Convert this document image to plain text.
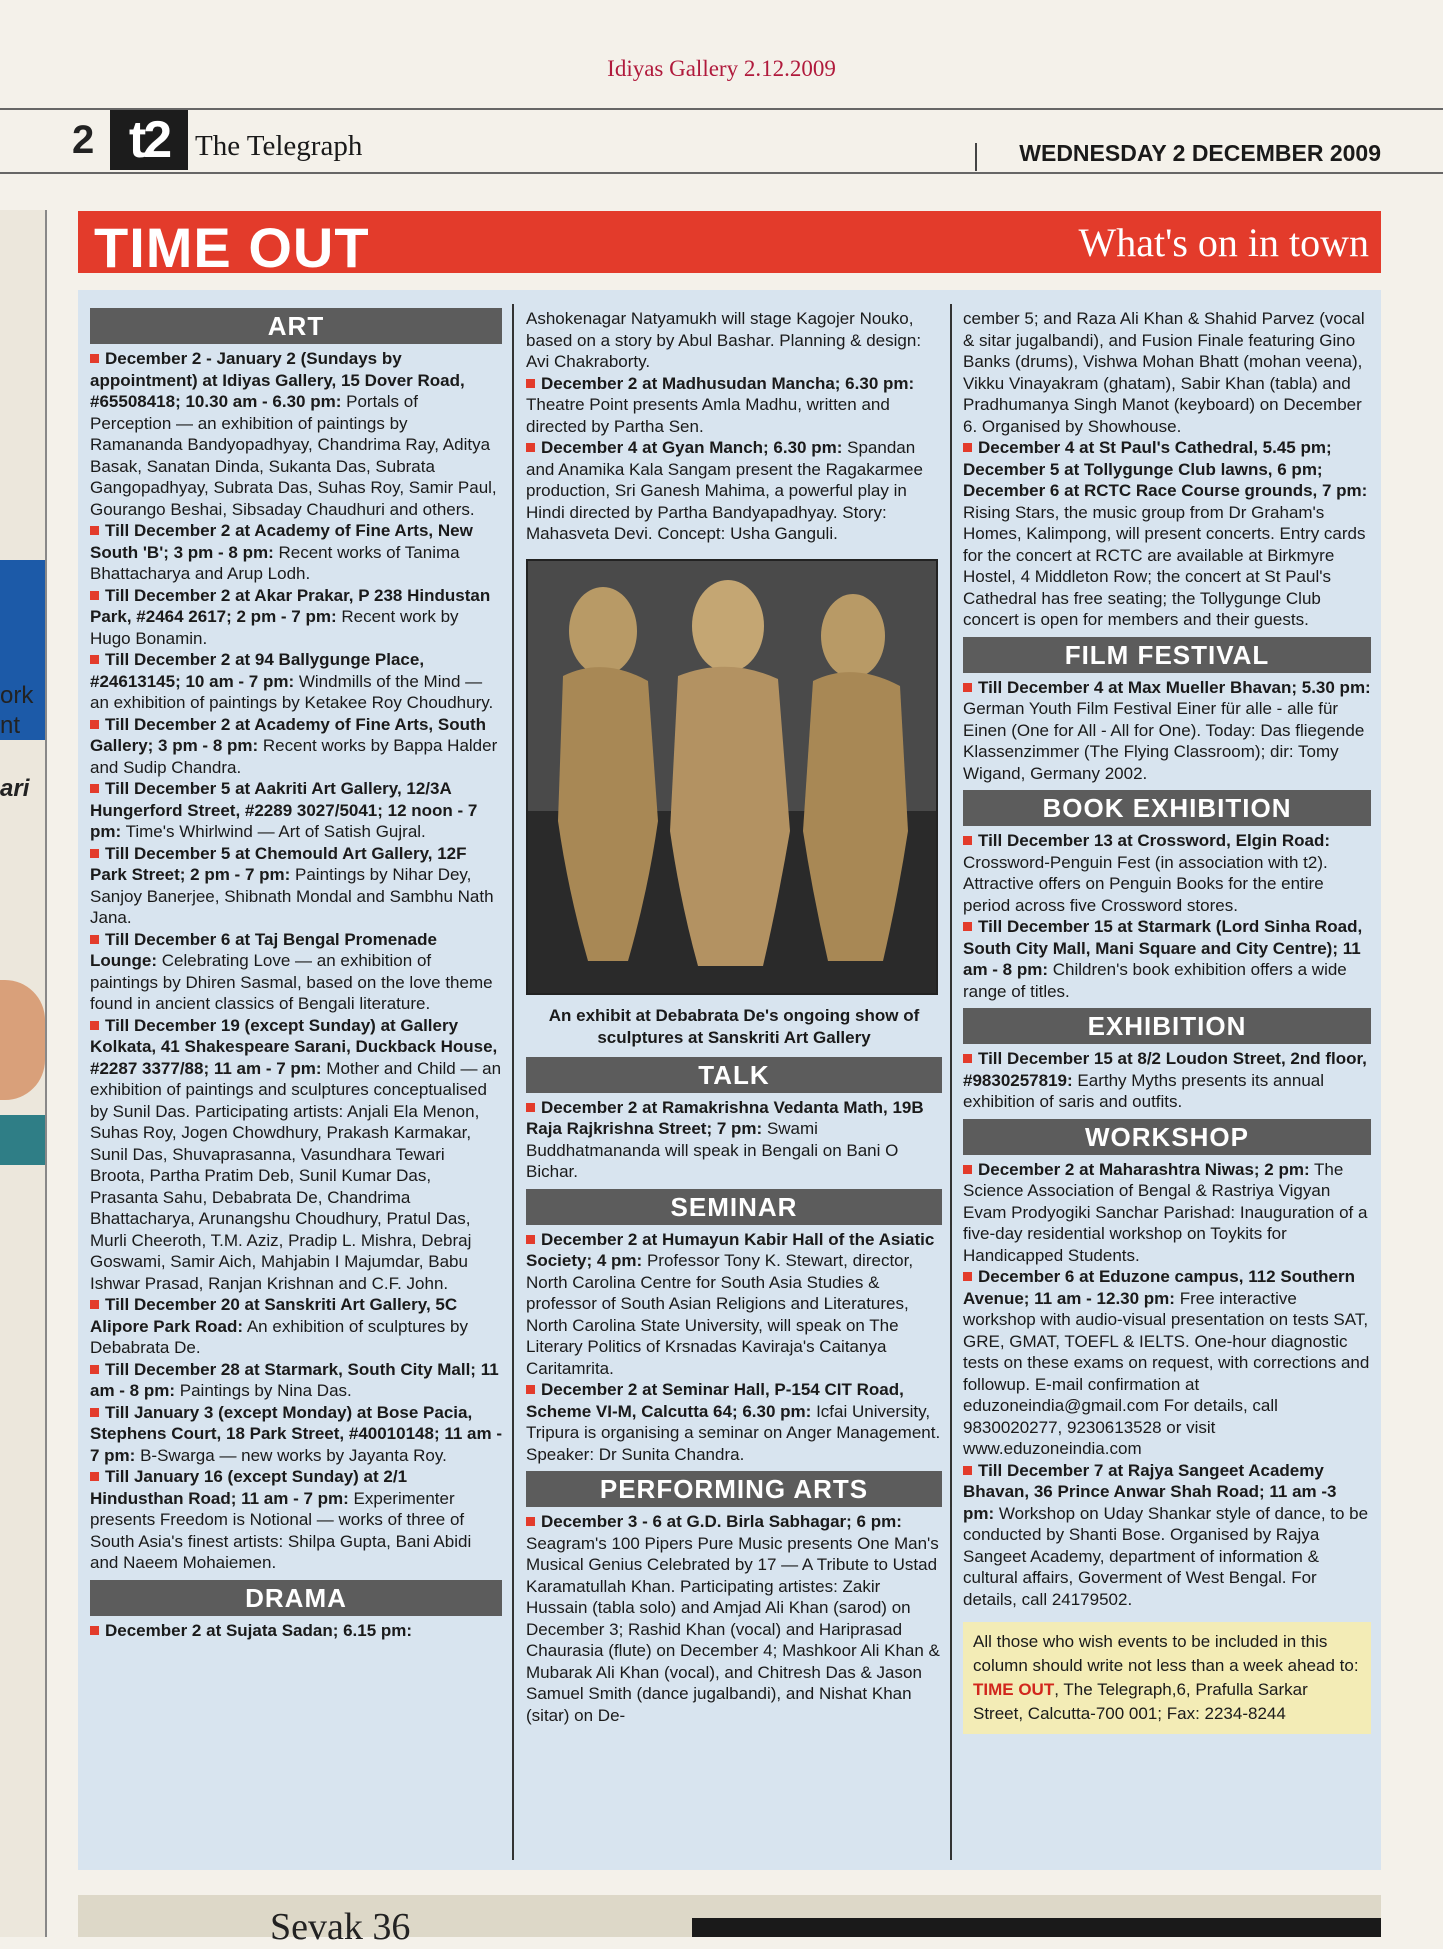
Idiyas Gallery 2.12.2009
2 t2 The Telegraph	WEDNESDAY 2 DECEMBER 2009
ork
nt
ari
TIME OUT	What's on in town
ART

December 2 - January 2 (Sundays by appointment) at Idiyas Gallery, 15 Dover Road, #65508418; 10.30 am - 6.30 pm: Portals of Perception — an exhibition of paintings by Ramananda Bandyopadhyay, Chandrima Ray, Aditya Basak, Sanatan Dinda, Sukanta Das, Subrata Gangopadhyay, Subrata Das, Suhas Roy, Samir Paul, Gourango Beshai, Sibsaday Chaudhuri and others.

Till December 2 at Academy of Fine Arts, New South 'B'; 3 pm - 8 pm: Recent works of Tanima Bhattacharya and Arup Lodh.

Till December 2 at Akar Prakar, P 238 Hindustan Park, #2464 2617; 2 pm - 7 pm: Recent work by Hugo Bonamin.

Till December 2 at 94 Ballygunge Place, #24613145; 10 am - 7 pm: Windmills of the Mind — an exhibition of paintings by Ketakee Roy Choudhury.

Till December 2 at Academy of Fine Arts, South Gallery; 3 pm - 8 pm: Recent works by Bappa Halder and Sudip Chandra.

Till December 5 at Aakriti Art Gallery, 12/3A Hungerford Street, #2289 3027/5041; 12 noon - 7 pm: Time's Whirlwind — Art of Satish Gujral.

Till December 5 at Chemould Art Gallery, 12F Park Street; 2 pm - 7 pm: Paintings by Nihar Dey, Sanjoy Banerjee, Shibnath Mondal and Sambhu Nath Jana.

Till December 6 at Taj Bengal Promenade Lounge: Celebrating Love — an exhibition of paintings by Dhiren Sasmal, based on the love theme found in ancient classics of Bengali literature.

Till December 19 (except Sunday) at Gallery Kolkata, 41 Shakespeare Sarani, Duckback House, #2287 3377/88; 11 am - 7 pm: Mother and Child — an exhibition of paintings and sculptures conceptualised by Sunil Das. Participating artists: Anjali Ela Menon, Suhas Roy, Jogen Chowdhury, Prakash Karmakar, Sunil Das, Shuvaprasanna, Vasundhara Tewari Broota, Partha Pratim Deb, Sunil Kumar Das, Prasanta Sahu, Debabrata De, Chandrima Bhattacharya, Arunangshu Choudhury, Pratul Das, Murli Cheeroth, T.M. Aziz, Pradip L. Mishra, Debraj Goswami, Samir Aich, Mahjabin I Majumdar, Babu Ishwar Prasad, Ranjan Krishnan and C.F. John.

Till December 20 at Sanskriti Art Gallery, 5C Alipore Park Road: An exhibition of sculptures by Debabrata De.

Till December 28 at Starmark, South City Mall; 11 am - 8 pm: Paintings by Nina Das.

Till January 3 (except Monday) at Bose Pacia, Stephens Court, 18 Park Street, #40010148; 11 am - 7 pm: B-Swarga — new works by Jayanta Roy.

Till January 16 (except Sunday) at 2/1 Hindusthan Road; 11 am - 7 pm: Experimenter presents Freedom is Notional — works of three of South Asia's finest artists: Shilpa Gupta, Bani Abidi and Naeem Mohaiemen.

DRAMA

December 2 at Sujata Sadan; 6.15 pm:

Ashokenagar Natyamukh will stage Kagojer Nouko, based on a story by Abul Bashar. Planning & design: Avi Chakraborty.

December 2 at Madhusudan Mancha; 6.30 pm: Theatre Point presents Amla Madhu, written and directed by Partha Sen.

December 4 at Gyan Manch; 6.30 pm: Spandan and Anamika Kala Sangam present the Ragakarmee production, Sri Ganesh Mahima, a powerful play in Hindi directed by Partha Bandyapadhyay. Story: Mahasveta Devi. Concept: Usha Ganguli.

An exhibit at Debabrata De's ongoing show of sculptures at Sanskriti Art Gallery
TALK

December 2 at Ramakrishna Vedanta Math, 19B Raja Rajkrishna Street; 7 pm: Swami Buddhatmananda will speak in Bengali on Bani O Bichar.

SEMINAR

December 2 at Humayun Kabir Hall of the Asiatic Society; 4 pm: Professor Tony K. Stewart, director, North Carolina Centre for South Asia Studies & professor of South Asian Religions and Literatures, North Carolina State University, will speak on The Literary Politics of Krsnadas Kaviraja's Caitanya Caritamrita.

December 2 at Seminar Hall, P-154 CIT Road, Scheme VI-M, Calcutta 64; 6.30 pm: Icfai University, Tripura is organising a seminar on Anger Management. Speaker: Dr Sunita Chandra.

PERFORMING ARTS

December 3 - 6 at G.D. Birla Sabhagar; 6 pm: Seagram's 100 Pipers Pure Music presents One Man's Musical Genius Celebrated by 17 — A Tribute to Ustad Karamatullah Khan. Participating artistes: Zakir Hussain (tabla solo) and Amjad Ali Khan (sarod) on December 3; Rashid Khan (vocal) and Hariprasad Chaurasia (flute) on December 4; Mashkoor Ali Khan & Mubarak Ali Khan (vocal), and Chitresh Das & Jason Samuel Smith (dance jugalbandi), and Nishat Khan (sitar) on De-

cember 5; and Raza Ali Khan & Shahid Parvez (vocal & sitar jugalbandi), and Fusion Finale featuring Gino Banks (drums), Vishwa Mohan Bhatt (mohan veena), Vikku Vinayakram (ghatam), Sabir Khan (tabla) and Pradhumanya Singh Manot (keyboard) on December 6. Organised by Showhouse.

December 4 at St Paul's Cathedral, 5.45 pm; December 5 at Tollygunge Club lawns, 6 pm; December 6 at RCTC Race Course grounds, 7 pm: Rising Stars, the music group from Dr Graham's Homes, Kalimpong, will present concerts. Entry cards for the concert at RCTC are available at Birkmyre Hostel, 4 Middleton Row; the concert at St Paul's Cathedral has free seating; the Tollygunge Club concert is open for members and their guests.

FILM FESTIVAL

Till December 4 at Max Mueller Bhavan; 5.30 pm: German Youth Film Festival Einer für alle - alle für Einen (One for All - All for One). Today: Das fliegende Klassenzimmer (The Flying Classroom); dir: Tomy Wigand, Germany 2002.

BOOK EXHIBITION

Till December 13 at Crossword, Elgin Road: Crossword-Penguin Fest (in association with t2). Attractive offers on Penguin Books for the entire period across five Crossword stores.

Till December 15 at Starmark (Lord Sinha Road, South City Mall, Mani Square and City Centre); 11 am - 8 pm: Children's book exhibition offers a wide range of titles.

EXHIBITION

Till December 15 at 8/2 Loudon Street, 2nd floor, #9830257819: Earthy Myths presents its annual exhibition of saris and outfits.

WORKSHOP

December 2 at Maharashtra Niwas; 2 pm: The Science Association of Bengal & Rastriya Vigyan Evam Prodyogiki Sanchar Parishad: Inauguration of a five-day residential workshop on Toykits for Handicapped Students.

December 6 at Eduzone campus, 112 Southern Avenue; 11 am - 12.30 pm: Free interactive workshop with audio-visual presentation on tests SAT, GRE, GMAT, TOEFL & IELTS. One-hour diagnostic tests on these exams on request, with corrections and followup. E-mail confirmation at eduzoneindia@gmail.com For details, call 9830020277, 9230613528 or visit www.eduzoneindia.com

Till December 7 at Rajya Sangeet Academy Bhavan, 36 Prince Anwar Shah Road; 11 am -3 pm: Workshop on Uday Shankar style of dance, to be conducted by Shanti Bose. Organised by Rajya Sangeet Academy, department of information & cultural affairs, Goverment of West Bengal. For details, call 24179502.

All those who wish events to be included in this column should write not less than a week ahead to: TIME OUT, The Telegraph,6, Prafulla Sarkar Street, Calcutta-700 001; Fax: 2234-8244
Sevak 36
